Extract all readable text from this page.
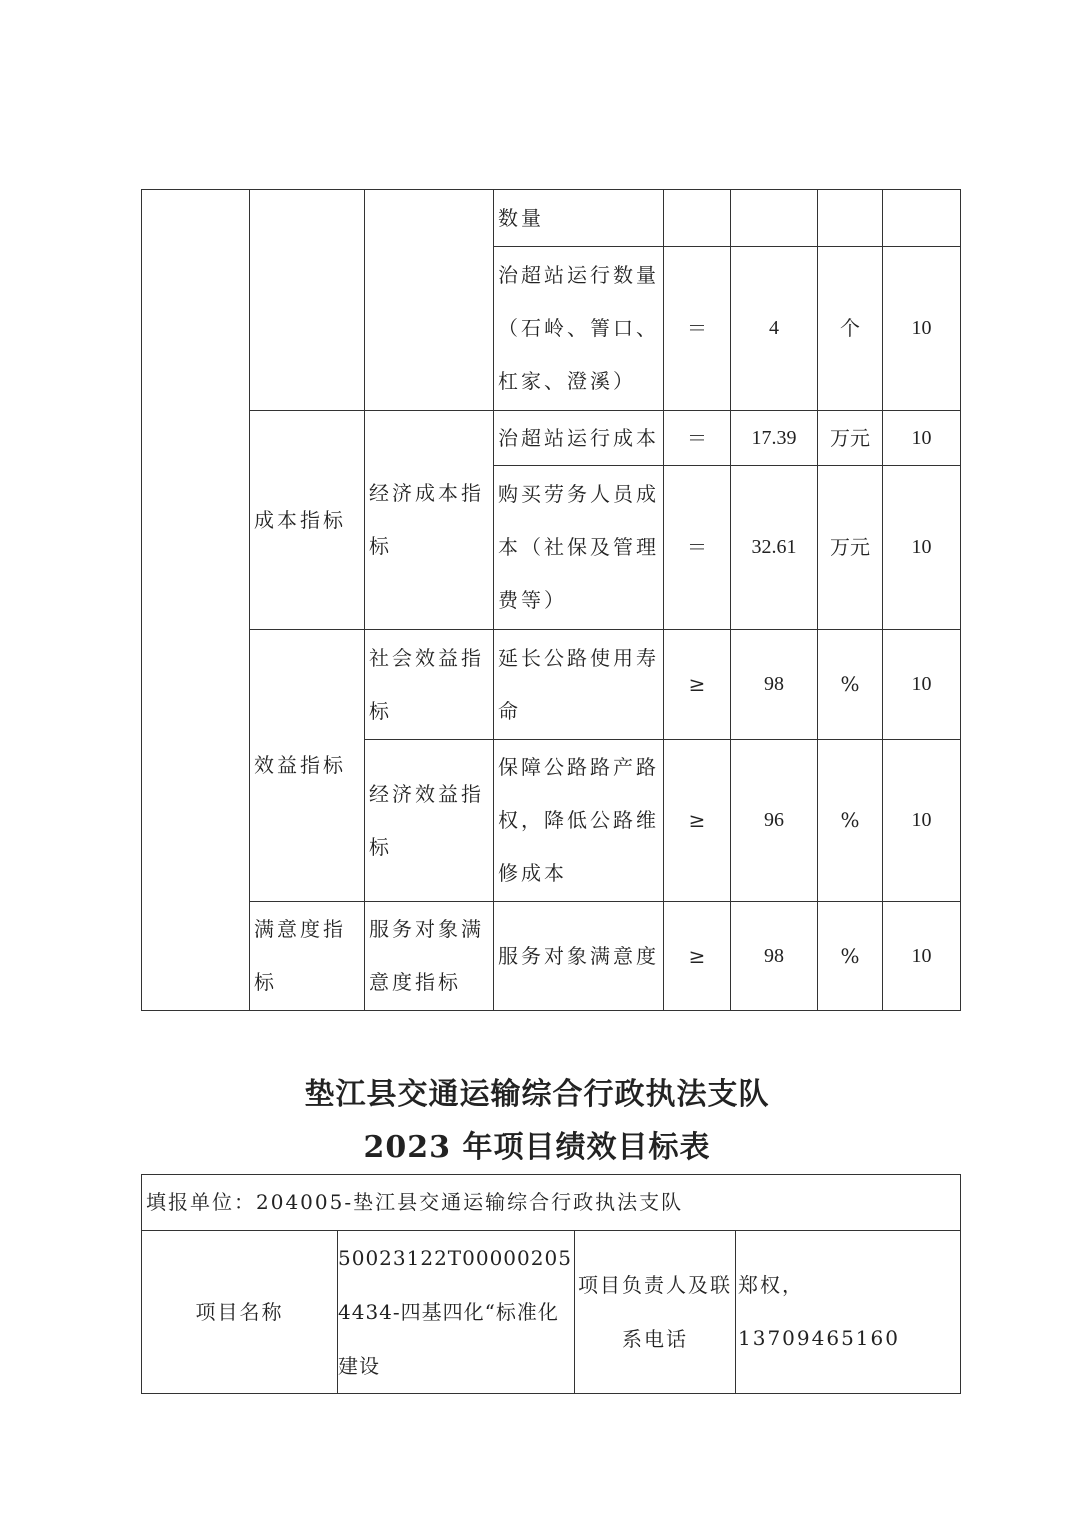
			数量				
			治超站运行数量（石岭、箐口、杠家、澄溪）	＝	4	个	10
	成本指标	经济成本指标	治超站运行成本	＝	17.39	万元	10
			购买劳务人员成本（社保及管理费等）	＝	32.61	万元	10
	效益指标	社会效益指标	延长公路使用寿命	≥	98	%	10
		经济效益指标	保障公路路产路权，降低公路维修成本	≥	96	%	10
	满意度指标	服务对象满意度指标	服务对象满意度	≥	98	%	10
垫江县交通运输综合行政执法支队
2023 年项目绩效目标表
填报单位：204005-垫江县交通运输综合行政执法支队
项目名称	50023122T000002054434-四基四化“标准化建设	项目负责人及联系电话	郑权，13709465160
